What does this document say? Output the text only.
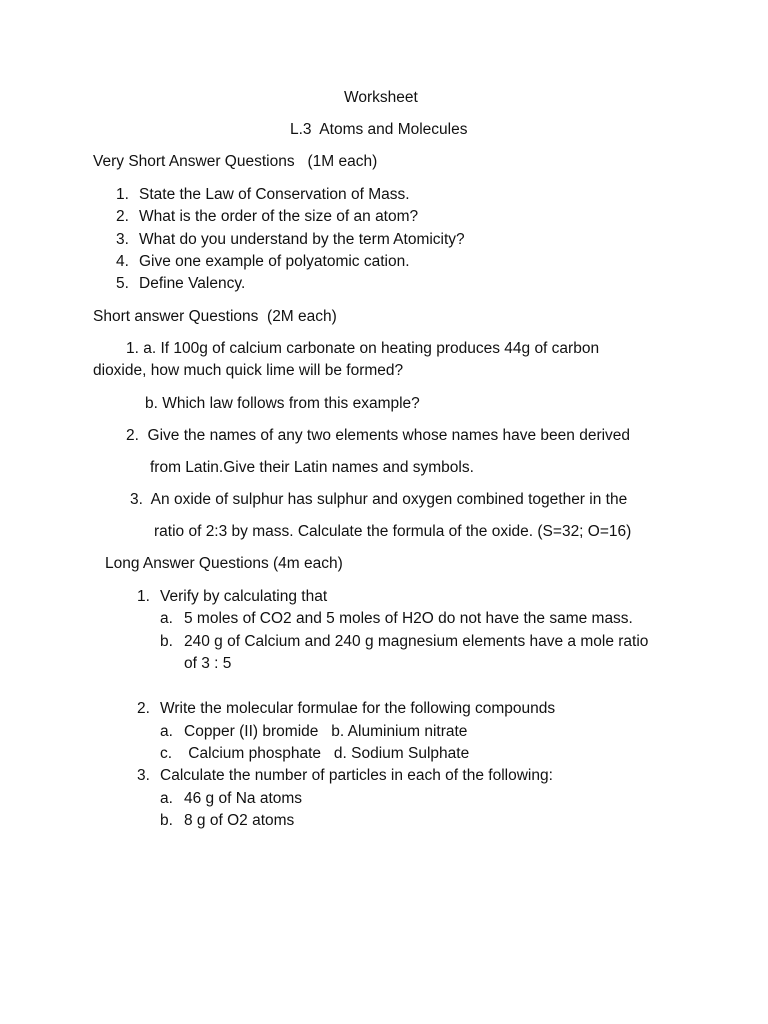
Worksheet
L.3  Atoms and Molecules
Very Short Answer Questions   (1M each)
1. State the Law of Conservation of Mass.
2. What is the order of the size of an atom?
3. What do you understand by the term Atomicity?
4. Give one example of polyatomic cation.
5. Define Valency.
Short answer Questions  (2M each)
1. a. If 100g of calcium carbonate on heating produces 44g of carbon
dioxide, how much quick lime will be formed?
b. Which law follows from this example?
2.  Give the names of any two elements whose names have been derived
from Latin.Give their Latin names and symbols.
3.  An oxide of sulphur has sulphur and oxygen combined together in the
ratio of 2:3 by mass. Calculate the formula of the oxide. (S=32; O=16)
Long Answer Questions (4m each)
1. Verify by calculating that
a. 5 moles of CO2 and 5 moles of H2O do not have the same mass.
b. 240 g of Calcium and 240 g magnesium elements have a mole ratio
of 3 : 5
2. Write the molecular formulae for the following compounds
a. Copper (II) bromide   b. Aluminium nitrate
c. Calcium phosphate   d. Sodium Sulphate
3. Calculate the number of particles in each of the following:
a. 46 g of Na atoms
b. 8 g of O2 atoms
